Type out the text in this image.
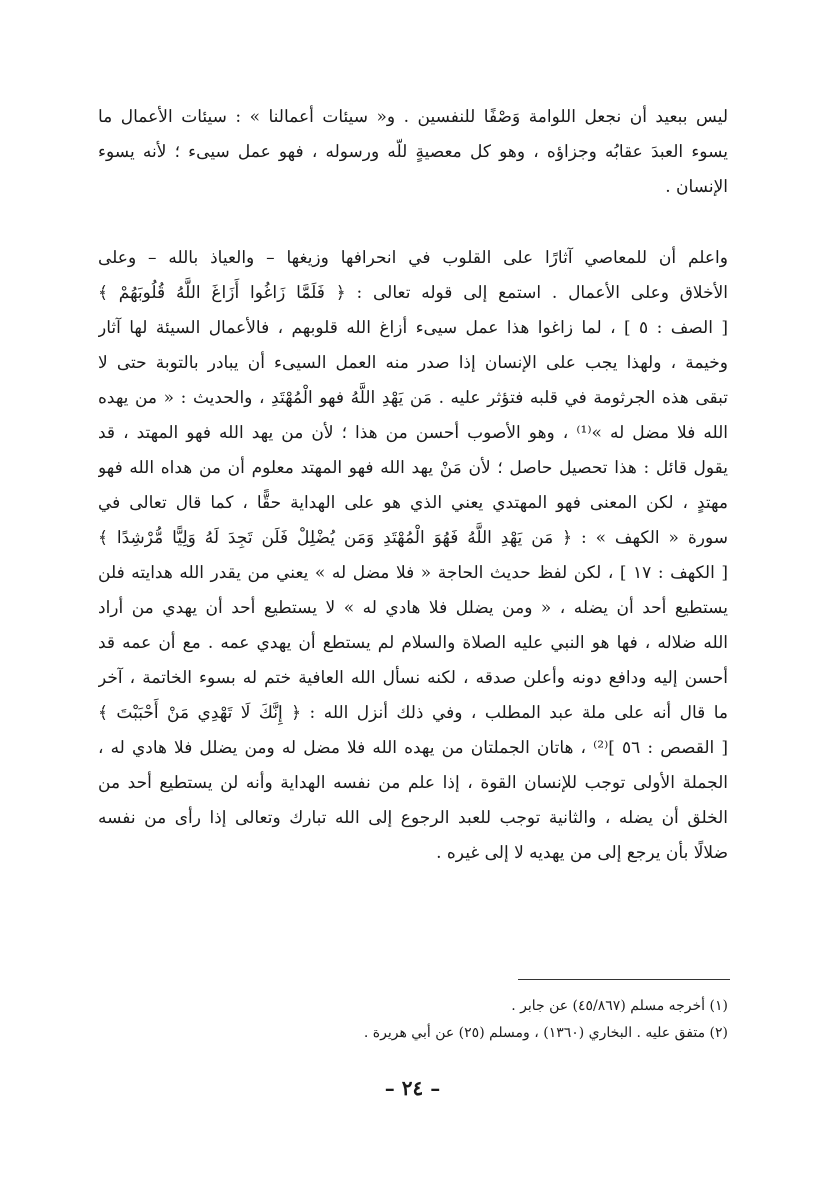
ليس ببعيد أن نجعل اللوامة وَصْفًا للنفسين . و« سيئات أعمالنا » : سيئات الأعمال ما
يسوء العبدَ عقابُه وجزاؤه ، وهو كل معصيةٍ للّه ورسوله ، فهو عمل سيىء ؛ لأنه يسوء
الإنسان .
واعلم أن للمعاصي آثارًا على القلوب في انحرافها وزيغها – والعياذ بالله – وعلى
الأخلاق وعلى الأعمال . استمع إلى قوله تعالى : ﴿ فَلَمَّا زَاغُوا أَزَاغَ اللَّهُ قُلُوبَهُمْ ﴾
[ الصف : ٥ ] ، لما زاغوا هذا عمل سيىء أزاغ الله قلوبهم ، فالأعمال السيئة لها آثار
وخيمة ، ولهذا يجب على الإنسان إذا صدر منه العمل السيىء أن يبادر بالتوبة حتى لا
تبقى هذه الجرثومة في قلبه فتؤثر عليه . مَن يَهْدِ اللَّهُ فهو الْمُهْتَدِ ، والحديث : « من يهده
الله فلا مضل له »⁽¹⁾ ، وهو الأصوب أحسن من هذا ؛ لأن من يهد الله فهو المهتد ، قد
يقول قائل : هذا تحصيل حاصل ؛ لأن مَنْ يهد الله فهو المهتد معلوم أن من هداه الله فهو
مهتدٍ ، لكن المعنى فهو المهتدي يعني الذي هو على الهداية حقًّا ، كما قال تعالى في
سورة « الكهف » : ﴿ مَن يَهْدِ اللَّهُ فَهُوَ الْمُهْتَدِ وَمَن يُضْلِلْ فَلَن تَجِدَ لَهُ وَلِيًّا مُّرْشِدًا ﴾
[ الكهف : ١٧ ] ، لكن لفظ حديث الحاجة « فلا مضل له » يعني من يقدر الله هدايته فلن
يستطيع أحد أن يضله ، « ومن يضلل فلا هادي له » لا يستطيع أحد أن يهدي من أراد
الله ضلاله ، فها هو النبي عليه الصلاة والسلام لم يستطع أن يهدي عمه . مع أن عمه قد
أحسن إليه ودافع دونه وأعلن صدقه ، لكنه نسأل الله العافية ختم له بسوء الخاتمة ، آخر
ما قال أنه على ملة عبد المطلب ، وفي ذلك أنزل الله : ﴿ إِنَّكَ لَا تَهْدِي مَنْ أَحْبَبْتَ ﴾
[ القصص : ٥٦ ]⁽²⁾ ، هاتان الجملتان من يهده الله فلا مضل له ومن يضلل فلا هادي له ،
الجملة الأولى توجب للإنسان القوة ، إذا علم من نفسه الهداية وأنه لن يستطيع أحد من
الخلق أن يضله ، والثانية توجب للعبد الرجوع إلى الله تبارك وتعالى إذا رأى من نفسه
ضلالًا بأن يرجع إلى من يهديه لا إلى غيره .
(١) أخرجه مسلم (٤٥/٨٦٧) عن جابر .
(٢) متفق عليه . البخاري (١٣٦٠) ، ومسلم (٢٥) عن أبي هريرة .
– ٢٤ –
